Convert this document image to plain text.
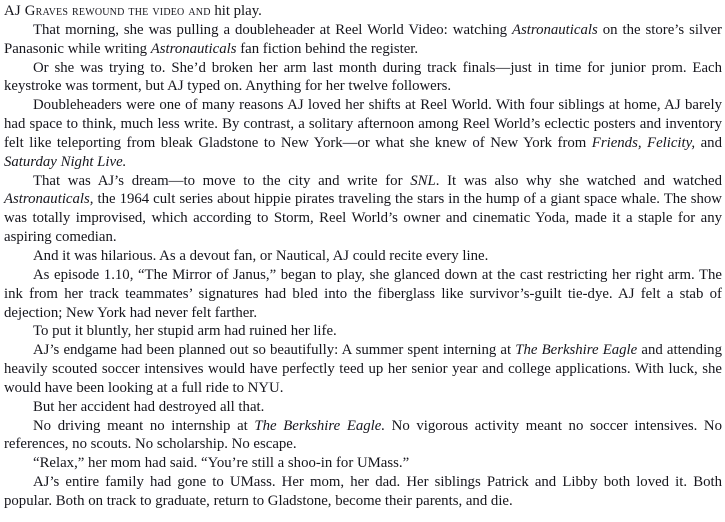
AJ Graves rewound the video and hit play.

That morning, she was pulling a doubleheader at Reel World Video: watching Astronauticals on the store’s silver Panasonic while writing Astronauticals fan fiction behind the register.

Or she was trying to. She’d broken her arm last month during track finals—just in time for junior prom. Each keystroke was torment, but AJ typed on. Anything for her twelve followers.

Doubleheaders were one of many reasons AJ loved her shifts at Reel World. With four siblings at home, AJ barely had space to think, much less write. By contrast, a solitary afternoon among Reel World’s eclectic posters and inventory felt like teleporting from bleak Gladstone to New York—or what she knew of New York from Friends, Felicity, and Saturday Night Live.

That was AJ’s dream—to move to the city and write for SNL. It was also why she watched and watched Astronauticals, the 1964 cult series about hippie pirates traveling the stars in the hump of a giant space whale. The show was totally improvised, which according to Storm, Reel World’s owner and cinematic Yoda, made it a staple for any aspiring comedian.

And it was hilarious. As a devout fan, or Nautical, AJ could recite every line.

As episode 1.10, “The Mirror of Janus,” began to play, she glanced down at the cast restricting her right arm. The ink from her track teammates’ signatures had bled into the fiberglass like survivor’s-guilt tie-dye. AJ felt a stab of dejection; New York had never felt farther.

To put it bluntly, her stupid arm had ruined her life.

AJ’s endgame had been planned out so beautifully: A summer spent interning at The Berkshire Eagle and attending heavily scouted soccer intensives would have perfectly teed up her senior year and college applications. With luck, she would have been looking at a full ride to NYU.

But her accident had destroyed all that.

No driving meant no internship at The Berkshire Eagle. No vigorous activity meant no soccer intensives. No references, no scouts. No scholarship. No escape.

“Relax,” her mom had said. “You’re still a shoo-in for UMass.”

AJ’s entire family had gone to UMass. Her mom, her dad. Her siblings Patrick and Libby both loved it. Both popular. Both on track to graduate, return to Gladstone, become their parents, and die.
